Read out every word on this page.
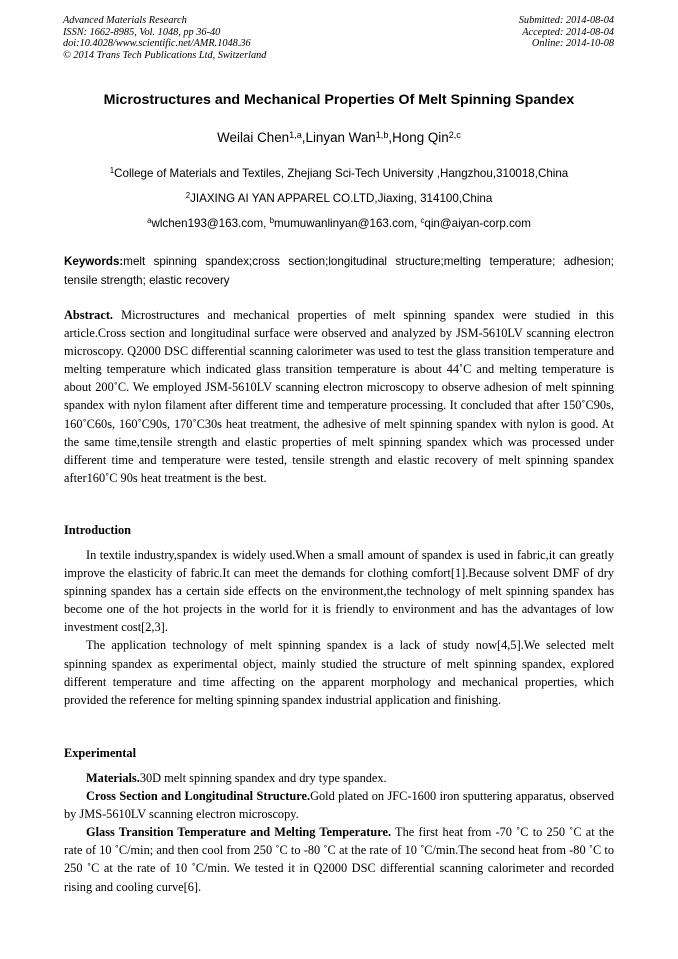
Advanced Materials Research
ISSN: 1662-8985, Vol. 1048, pp 36-40
doi:10.4028/www.scientific.net/AMR.1048.36
© 2014 Trans Tech Publications Ltd, Switzerland
Submitted: 2014-08-04
Accepted: 2014-08-04
Online: 2014-10-08
Microstructures and Mechanical Properties Of Melt Spinning Spandex
Weilai Chen$^{1,a}$,Linyan Wan$^{1,b}$,Hong Qin$^{2,c}$
$^1$College of Materials and Textiles, Zhejiang Sci-Tech University ,Hangzhou,310018,China
$^2$JIAXING AI YAN APPAREL CO.LTD,Jiaxing, 314100,China
$^a$wlchen193@163.com, $^b$mumuwanlinyan@163.com, $^c$qin@aiyan-corp.com
Keywords:melt spinning spandex;cross section;longitudinal structure;melting temperature; adhesion; tensile strength; elastic recovery
Abstract. Microstructures and mechanical properties of melt spinning spandex were studied in this article.Cross section and longitudinal surface were observed and analyzed by JSM-5610LV scanning electron microscopy. Q2000 DSC differential scanning calorimeter was used to test the glass transition temperature and melting temperature which indicated glass transition temperature is about 44˚C and melting temperature is about 200˚C. We employed JSM-5610LV scanning electron microscopy to observe adhesion of melt spinning spandex with nylon filament after different time and temperature processing. It concluded that after 150˚C90s, 160˚C60s, 160˚C90s, 170˚C30s heat treatment, the adhesive of melt spinning spandex with nylon is good. At the same time,tensile strength and elastic properties of melt spinning spandex which was processed under different time and temperature were tested, tensile strength and elastic recovery of melt spinning spandex after160˚C 90s heat treatment is the best.
Introduction

In textile industry,spandex is widely used.When a small amount of spandex is used in fabric,it can greatly improve the elasticity of fabric.It can meet the demands for clothing comfort[1].Because solvent DMF of dry spinning spandex has a certain side effects on the environment,the technology of melt spinning spandex has become one of the hot projects in the world for it is friendly to environment and has the advantages of low investment cost[2,3].

The application technology of melt spinning spandex is a lack of study now[4,5].We selected melt spinning spandex as experimental object, mainly studied the structure of melt spinning spandex, explored different temperature and time affecting on the apparent morphology and mechanical properties, which provided the reference for melting spinning spandex industrial application and finishing.

Experimental

Materials.30D melt spinning spandex and dry type spandex.

Cross Section and Longitudinal Structure.Gold plated on JFC-1600 iron sputtering apparatus, observed by JMS-5610LV scanning electron microscopy.

Glass Transition Temperature and Melting Temperature. The first heat from -70 ˚C to 250 ˚C at the rate of 10 ˚C/min; and then cool from 250 ˚C to -80 ˚C at the rate of 10 ˚C/min.The second heat from -80 ˚C to 250 ˚C at the rate of 10 ˚C/min. We tested it in Q2000 DSC differential scanning calorimeter and recorded rising and cooling curve[6].
